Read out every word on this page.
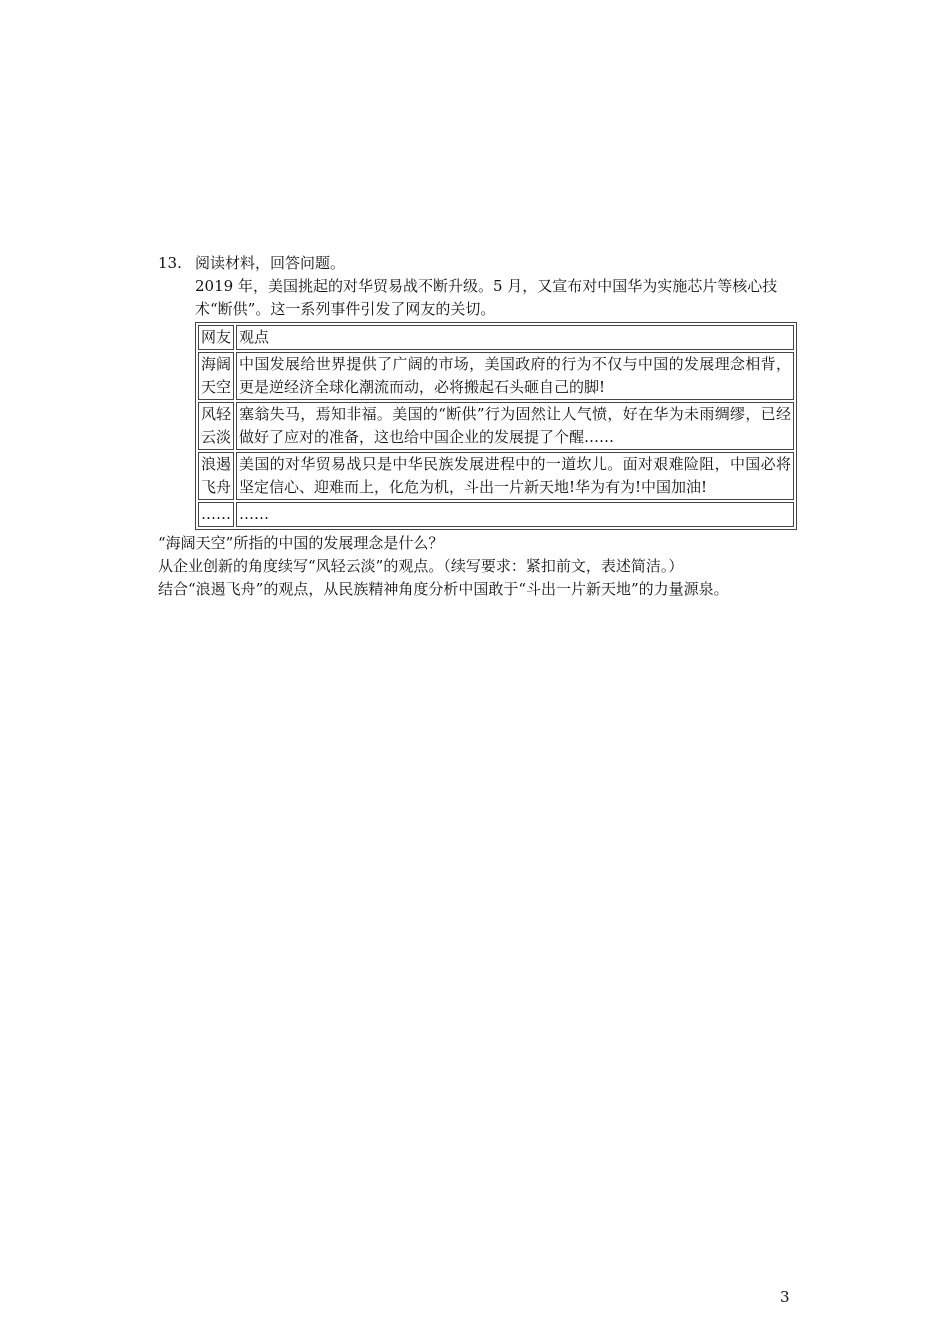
13. 阅读材料，回答问题。
2019 年，美国挑起的对华贸易战不断升级。5 月，又宣布对中国华为实施芯片等核心技术“断供”。这一系列事件引发了网友的关切。
网友	观点
海阔天空	中国发展给世界提供了广阔的市场，美国政府的行为不仅与中国的发展理念相背，更是逆经济全球化潮流而动，必将搬起石头砸自己的脚!
风轻云淡	塞翁失马，焉知非福。美国的“断供”行为固然让人气愤，好在华为未雨绸缪，已经做好了应对的准备，这也给中国企业的发展提了个醒……
浪遏飞舟	美国的对华贸易战只是中华民族发展进程中的一道坎儿。面对艰难险阻，中国必将坚定信心、迎难而上，化危为机，斗出一片新天地!华为有为!中国加油!
……	……
“海阔天空”所指的中国的发展理念是什么？
从企业创新的角度续写“风轻云淡”的观点。（续写要求：紧扣前文，表述简洁。）
结合“浪遏飞舟”的观点，从民族精神角度分析中国敢于“斗出一片新天地”的力量源泉。
3
